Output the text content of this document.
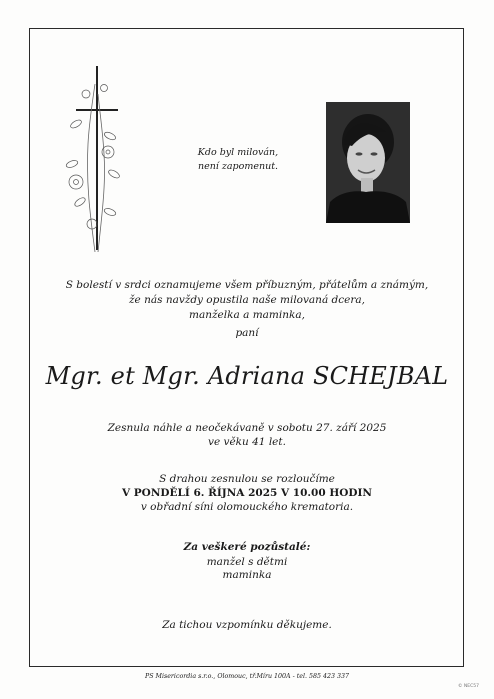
Kdo byl milován,
není zapomenut.
S bolestí v srdci oznamujeme všem příbuzným, přátelům a známým,
že nás navždy opustila naše milovaná dcera,
manželka a maminka,
paní
Mgr. et Mgr. Adriana SCHEJBAL
Zesnula náhle a neočekávaně v sobotu 27. září 2025
ve věku 41 let.
S drahou zesnulou se rozloučíme
V PONDĚLÍ 6. ŘÍJNA 2025 V 10.00 HODIN
v obřadní síni olomouckého krematoria.
Za veškeré pozůstalé:
manžel s dětmi
maminka
Za tichou vzpomínku děkujeme.
PS Misericordia s.r.o., Olomouc, tř.Míru 100A - tel. 585 423 337
© NEC57
